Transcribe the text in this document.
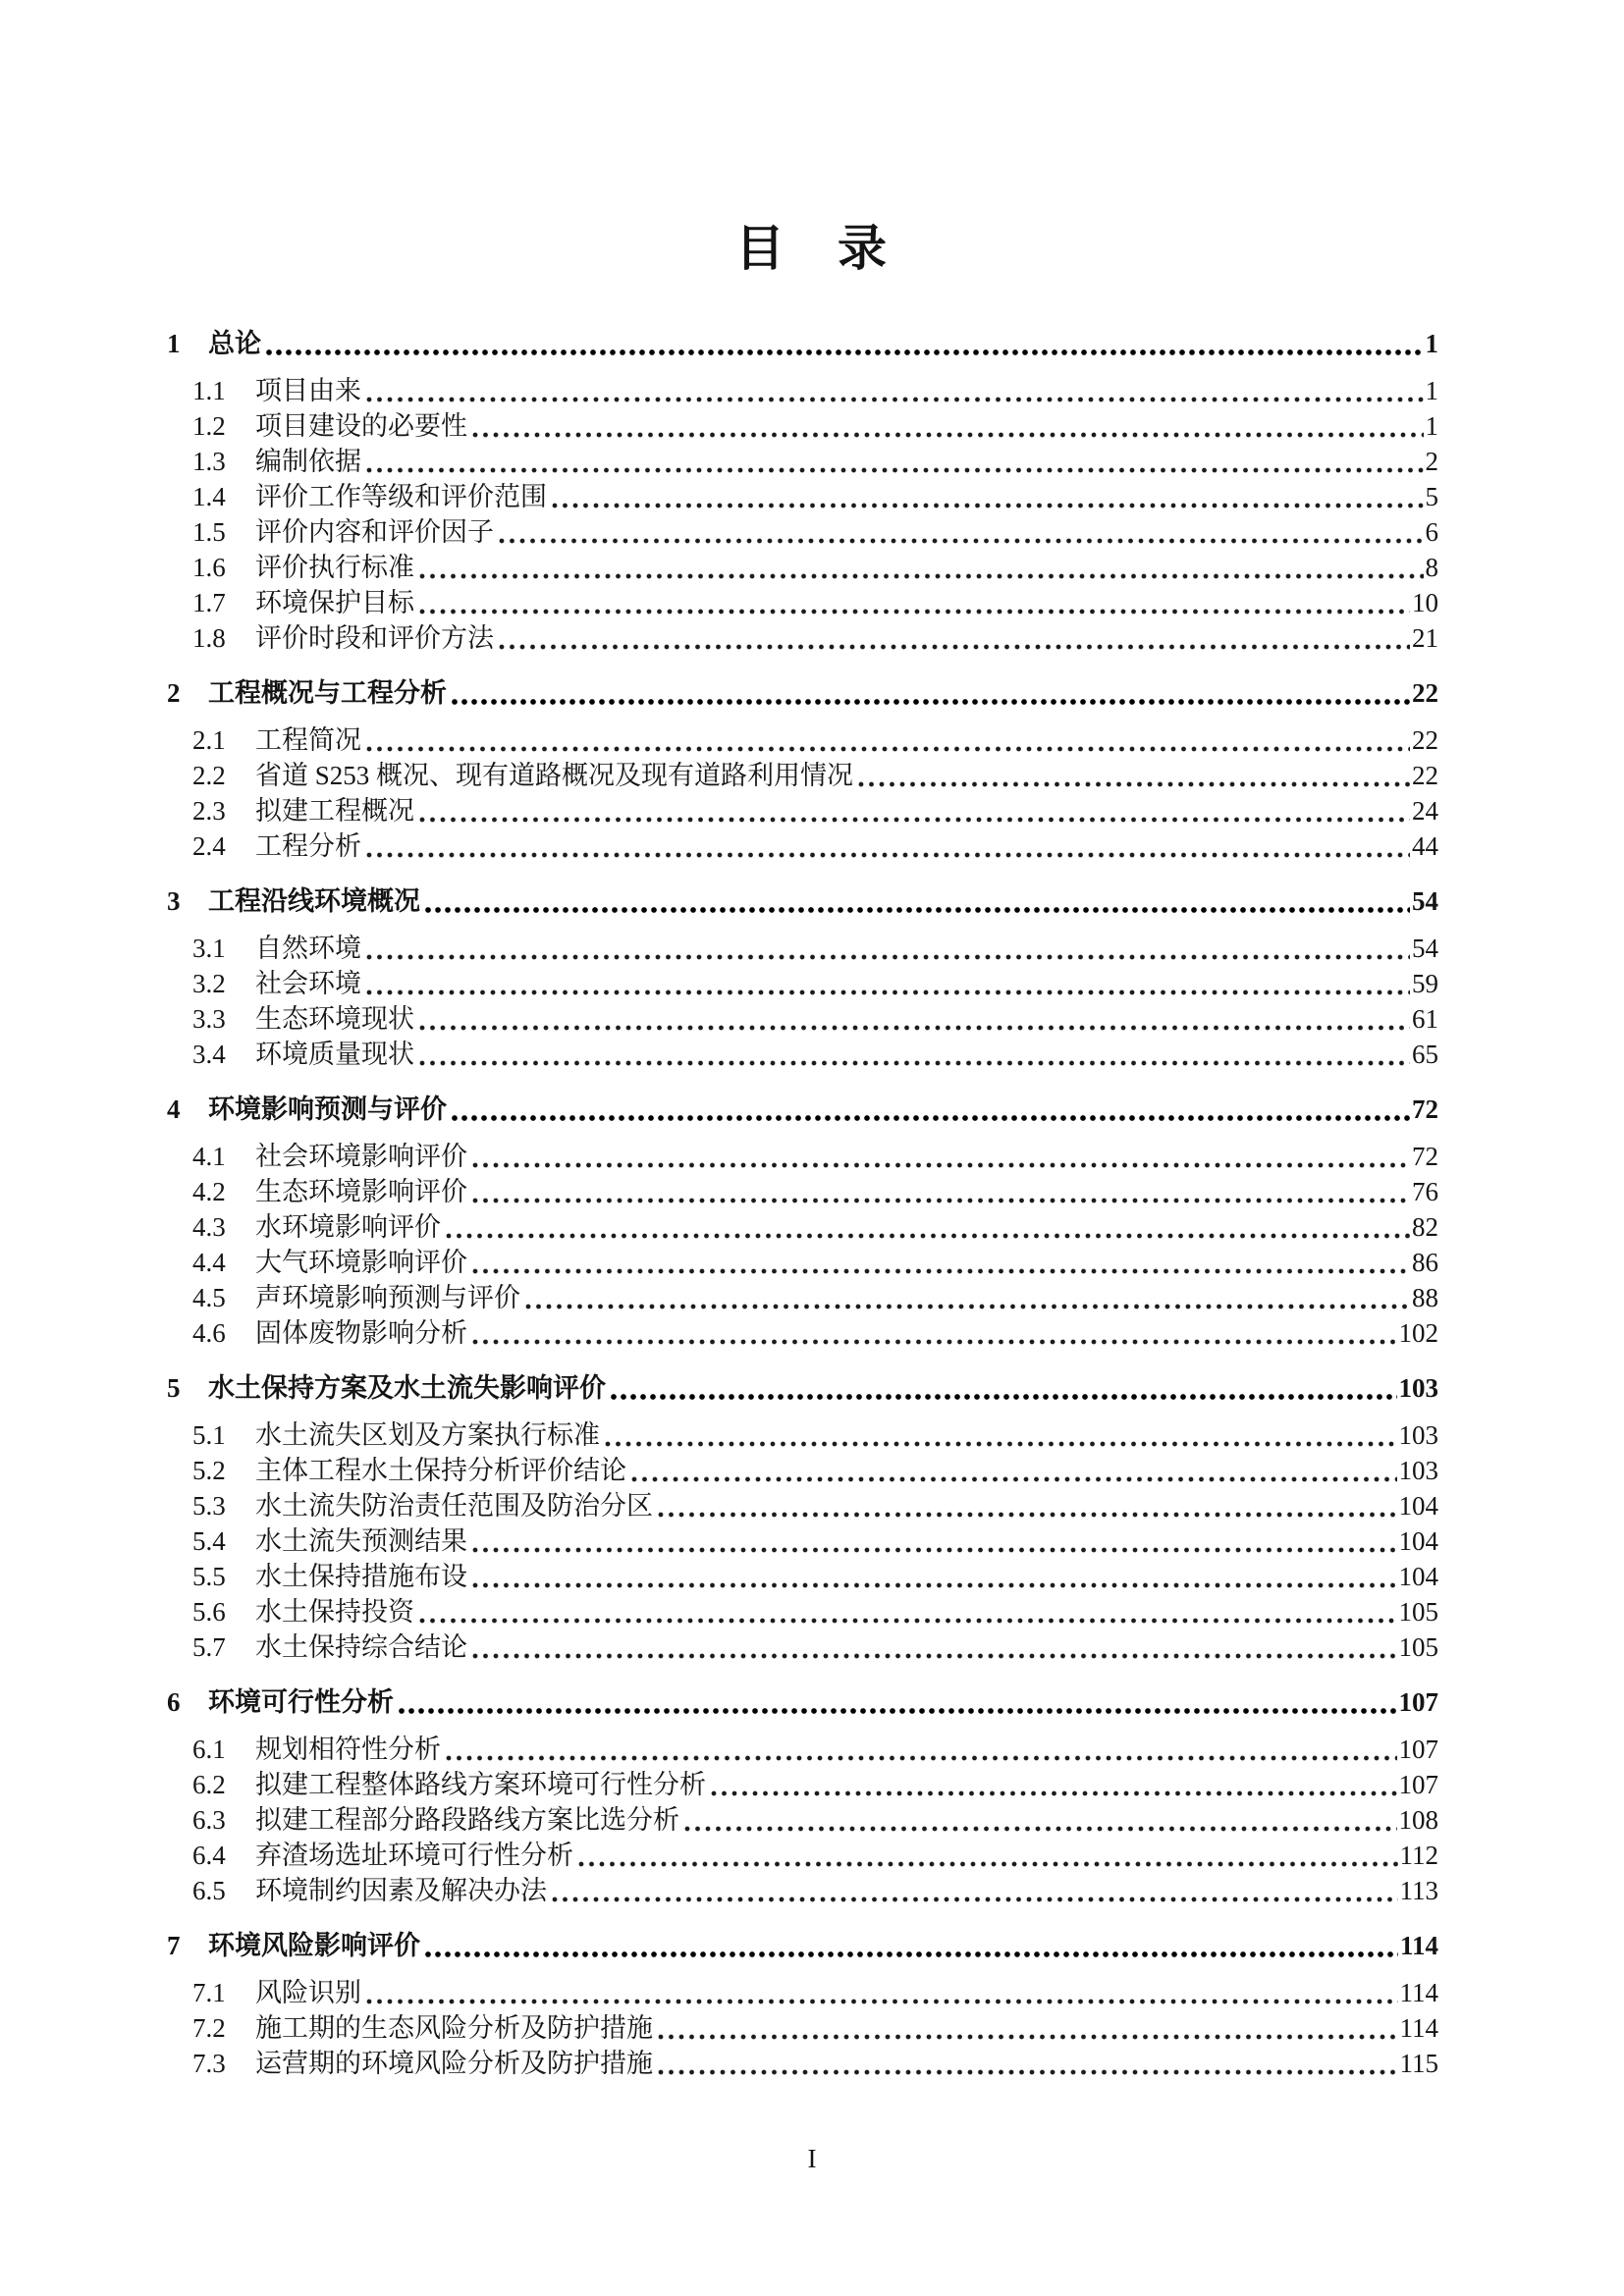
目　录
1	总论	1
1.1	项目由来	1
1.2	项目建设的必要性	1
1.3	编制依据	2
1.4	评价工作等级和评价范围	5
1.5	评价内容和评价因子	6
1.6	评价执行标准	8
1.7	环境保护目标	10
1.8	评价时段和评价方法	21
2	工程概况与工程分析	22
2.1	工程简况	22
2.2	省道 S253 概况、现有道路概况及现有道路利用情况	22
2.3	拟建工程概况	24
2.4	工程分析	44
3	工程沿线环境概况	54
3.1	自然环境	54
3.2	社会环境	59
3.3	生态环境现状	61
3.4	环境质量现状	65
4	环境影响预测与评价	72
4.1	社会环境影响评价	72
4.2	生态环境影响评价	76
4.3	水环境影响评价	82
4.4	大气环境影响评价	86
4.5	声环境影响预测与评价	88
4.6	固体废物影响分析	102
5	水土保持方案及水土流失影响评价	103
5.1	水土流失区划及方案执行标准	103
5.2	主体工程水土保持分析评价结论	103
5.3	水土流失防治责任范围及防治分区	104
5.4	水土流失预测结果	104
5.5	水土保持措施布设	104
5.6	水土保持投资	105
5.7	水土保持综合结论	105
6	环境可行性分析	107
6.1	规划相符性分析	107
6.2	拟建工程整体路线方案环境可行性分析	107
6.3	拟建工程部分路段路线方案比选分析	108
6.4	弃渣场选址环境可行性分析	112
6.5	环境制约因素及解决办法	113
7	环境风险影响评价	114
7.1	风险识别	114
7.2	施工期的生态风险分析及防护措施	114
7.3	运营期的环境风险分析及防护措施	115
I
